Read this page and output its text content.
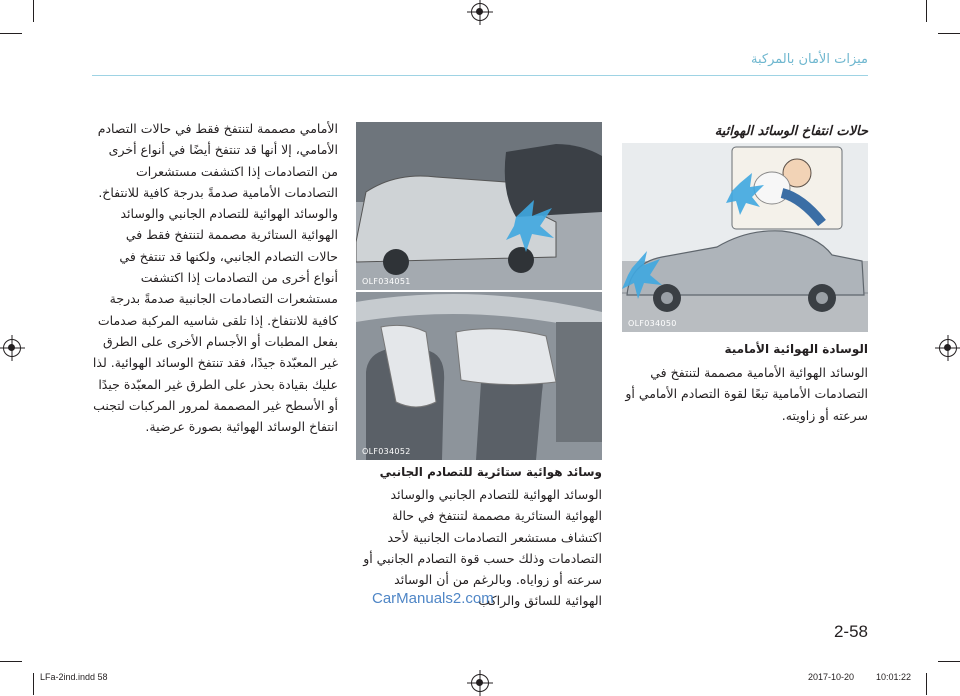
ميزات الأمان بالمركبة
حالات انتفاخ الوسائد الهوائية
OLF034050
الوسادة الهوائية الأمامية
الوسائد الهوائية الأمامية مصممة لتنتفخ في التصادمات الأمامية تبعًا لقوة التصادم الأمامي أو سرعته أو زاويته.
OLF034051
OLF034052
وسائد هوائية ستائرية للتصادم الجانبي
الوسائد الهوائية للتصادم الجانبي والوسائد الهوائية الستائرية مصممة لتنتفخ في حالة اكتشاف مستشعر التصادمات الجانبية لأحد التصادمات وذلك حسب قوة التصادم الجانبي أو سرعته أو زواياه. وبالرغم من أن الوسائد الهوائية للسائق والراكب
الأمامي مصممة لتنتفخ فقط في حالات التصادم الأمامي، إلا أنها قد تنتفخ أيضًا في أنواع أخرى من التصادمات إذا اكتشفت مستشعرات التصادمات الأمامية صدمةً بدرجة كافية للانتفاخ. والوسائد الهوائية للتصادم الجانبي والوسائد الهوائية الستائرية مصممة لتنتفخ فقط في حالات التصادم الجانبي، ولكنها قد تنتفخ في أنواع أخرى من التصادمات إذا اكتشفت مستشعرات التصادمات الجانبية صدمةً بدرجة كافية للانتفاخ. إذا تلقى شاسيه المركبة صدمات بفعل المطبات أو الأجسام الأخرى على الطرق غير المعبّدة جيدًا، فقد تنتفخ الوسائد الهوائية. لذا عليك بقيادة بحذر على الطرق غير المعبّدة جيدًا أو الأسطح غير المصممة لمرور المركبات لتجنب انتفاخ الوسائد الهوائية بصورة عرضية.
CarManuals2.com
2-58
LFa-2ind.indd 58	2017-10-20 10:01:22
